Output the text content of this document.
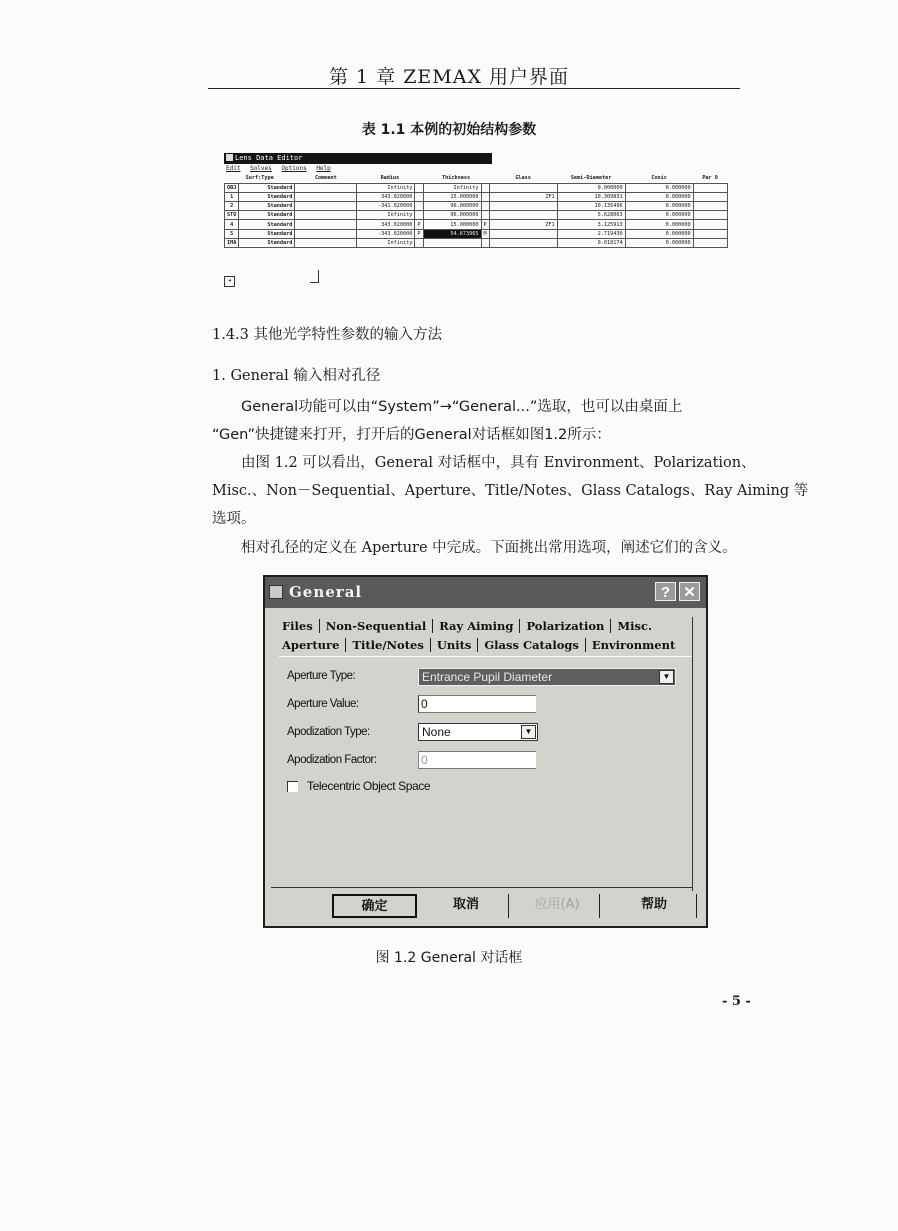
第 1 章 ZEMAX 用户界面
表 1.1 本例的初始结构参数
Lens Data Editor
Edit Solves Options Help
Surf:Type		Comment	Radius		Thickness		Glass	Semi-Diameter	Conic	Par 0
OBJ	Standard		Infinity		Infinity			0.000000	0.000000	
1	Standard		343.020000		15.000000		ZF1	10.309831	0.000000	
2	Standard		-341.020000		96.000000			10.135496	0.000000	
STO	Standard		Infinity		96.000000			5.628063	0.000000	
4	Standard		343.020000	P	15.000000	P	ZF1	3.125913	0.000000	
5	Standard		-343.020000	P	54.673965	M		2.719430	0.000000	
IMA	Standard		Infinity					0.018174	0.000000	
◂
1.4.3 其他光学特性参数的输入方法
1. General 输入相对孔径
General功能可以由“System”→“General...”选取，也可以由桌面上
“Gen”快捷键来打开，打开后的General对话框如图1.2所示：
由图 1.2 可以看出，General 对话框中，具有 Environment、Polarization、
Misc.、Non－Sequential、Aperture、Title/Notes、Glass Catalogs、Ray Aiming 等
选项。
相对孔径的定义在 Aperture 中完成。下面挑出常用选项，阐述它们的含义。
General	? ✕
Files Non-Sequential Ray Aiming Polarization Misc.
Aperture Title/Notes Units Glass Catalogs Environment
Aperture Type:	Entrance Pupil Diameter	▼
Aperture Value:	0
Apodization Type:	None	▼
Apodization Factor:	0
Telecentric Object Space
确定	取消	应用(A)	帮助
图 1.2 General 对话框
- 5 -
